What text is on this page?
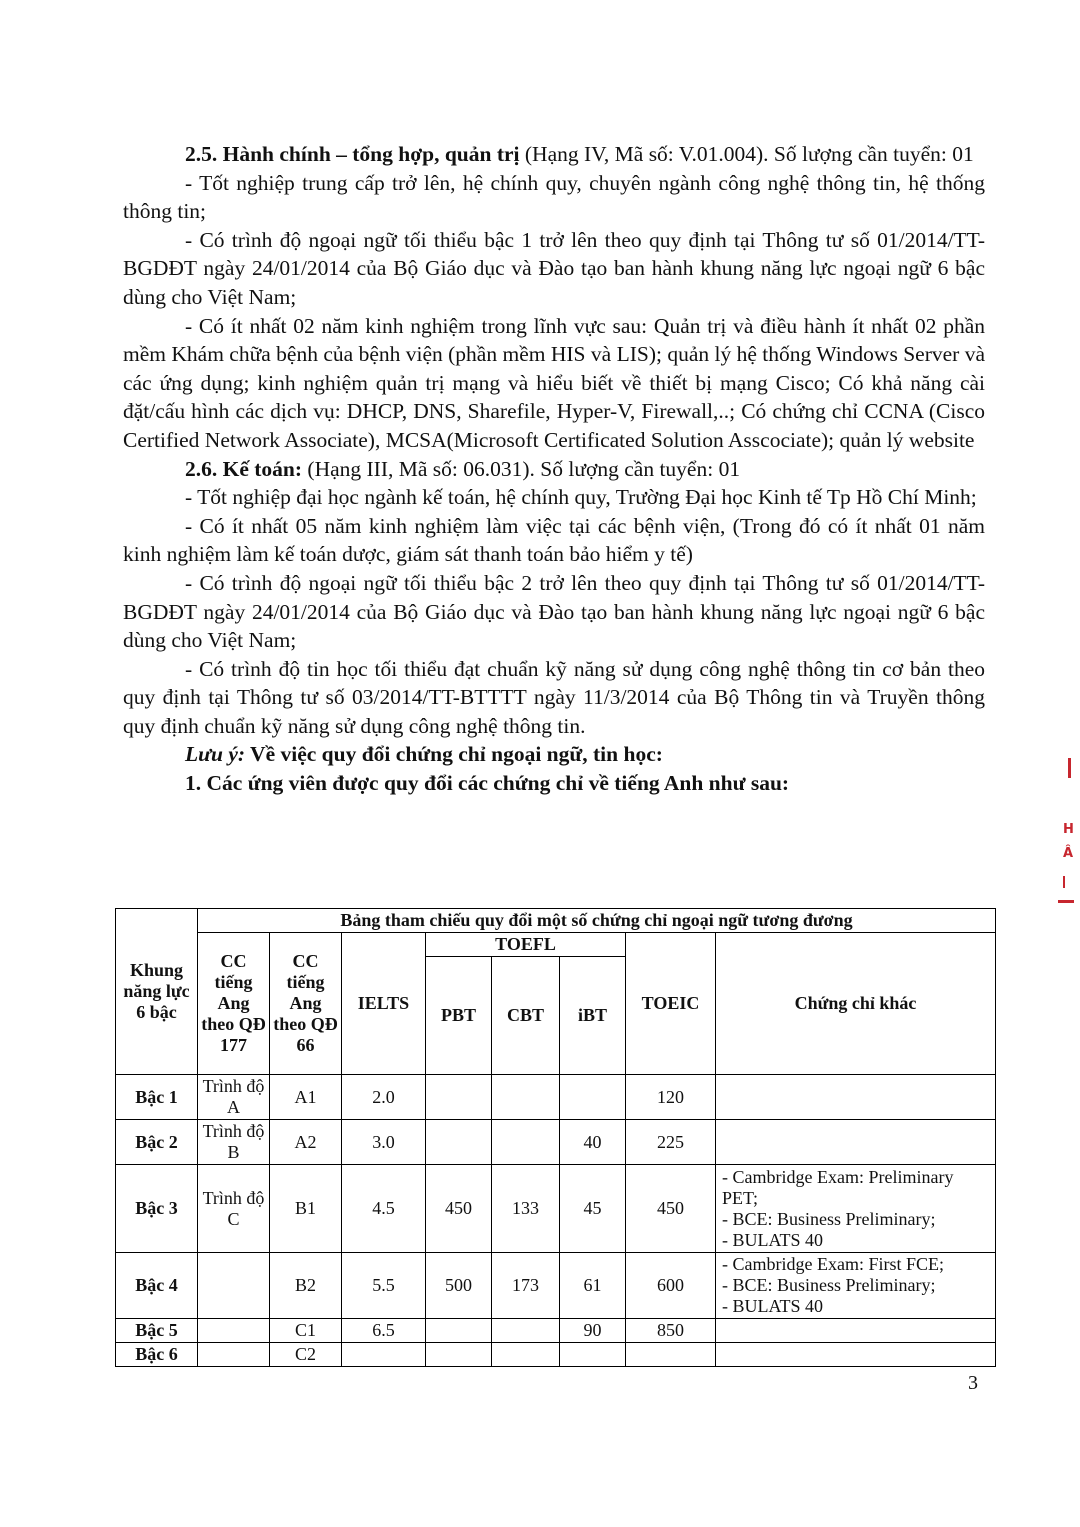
2.5. Hành chính – tổng hợp, quản trị (Hạng IV, Mã số: V.01.004). Số lượng cần tuyển: 01

- Tốt nghiệp trung cấp trở lên, hệ chính quy, chuyên ngành công nghệ thông tin, hệ thống thông tin;

- Có trình độ ngoại ngữ tối thiểu bậc 1 trở lên theo quy định tại Thông tư số 01/2014/TT-BGDĐT ngày 24/01/2014 của Bộ Giáo dục và Đào tạo ban hành khung năng lực ngoại ngữ 6 bậc dùng cho Việt Nam;

- Có ít nhất 02 năm kinh nghiệm trong lĩnh vực sau: Quản trị và điều hành ít nhất 02 phần mềm Khám chữa bệnh của bệnh viện (phần mềm HIS và LIS); quản lý hệ thống Windows Server và các ứng dụng; kinh nghiệm quản trị mạng và hiểu biết về thiết bị mạng Cisco; Có khả năng cài đặt/cấu hình các dịch vụ: DHCP, DNS, Sharefile, Hyper-V, Firewall,..; Có chứng chỉ CCNA (Cisco Certified Network Associate), MCSA(Microsoft Certificated Solution Asscociate); quản lý website

2.6. Kế toán: (Hạng III, Mã số: 06.031). Số lượng cần tuyển: 01

- Tốt nghiệp đại học ngành kế toán, hệ chính quy, Trường Đại học Kinh tế Tp Hồ Chí Minh;

- Có ít nhất 05 năm kinh nghiệm làm việc tại các bệnh viện, (Trong đó có ít nhất 01 năm kinh nghiệm làm kế toán dược, giám sát thanh toán bảo hiểm y tế)

- Có trình độ ngoại ngữ tối thiểu bậc 2 trở lên theo quy định tại Thông tư số 01/2014/TT-BGDĐT ngày 24/01/2014 của Bộ Giáo dục và Đào tạo ban hành khung năng lực ngoại ngữ 6 bậc dùng cho Việt Nam;

- Có trình độ tin học tối thiểu đạt chuẩn kỹ năng sử dụng công nghệ thông tin cơ bản theo quy định tại Thông tư số 03/2014/TT-BTTTT ngày 11/3/2014 của Bộ Thông tin và Truyền thông quy định chuẩn kỹ năng sử dụng công nghệ thông tin.

Lưu ý: Về việc quy đổi chứng chỉ ngoại ngữ, tin học:

1. Các ứng viên được quy đổi các chứng chỉ về tiếng Anh như sau:

Khung năng lực 6 bậc	Bảng tham chiếu quy đổi một số chứng chỉ ngoại ngữ tương đương							
	CC tiếng Ang theo QĐ 177	CC tiếng Ang theo QĐ 66	IELTS	TOEFL			TOEIC	Chứng chỉ khác
				PBT	CBT	iBT		
Bậc 1	Trình độ A	A1	2.0				120	
Bậc 2	Trình độ B	A2	3.0			40	225	
Bậc 3	Trình độ C	B1	4.5	450	133	45	450	- Cambridge Exam: Preliminary PET;
- BCE: Business Preliminary;
- BULATS 40

Bậc 4		B2	5.5	500	173	61	600	- Cambridge Exam: First FCE;
- BCE: Business Preliminary;
- BULATS 40

Bậc 5		C1	6.5			90	850	
Bậc 6		C2						
3
H
Â
